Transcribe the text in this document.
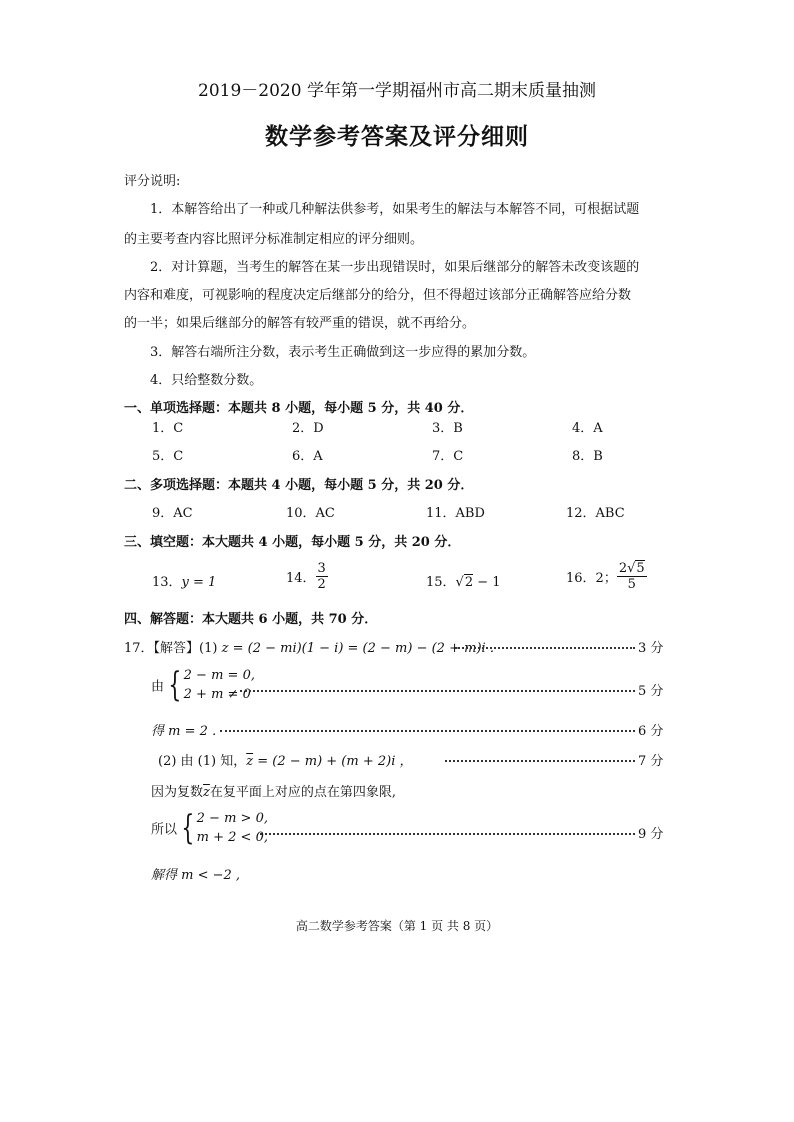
2019－2020 学年第一学期福州市高二期末质量抽测
数学参考答案及评分细则
评分说明:
1．本解答给出了一种或几种解法供参考，如果考生的解法与本解答不同，可根据试题
的主要考查内容比照评分标准制定相应的评分细则。
2．对计算题，当考生的解答在某一步出现错误时，如果后继部分的解答未改变该题的
内容和难度，可视影响的程度决定后继部分的给分，但不得超过该部分正确解答应给分数
的一半；如果后继部分的解答有较严重的错误，就不再给分。
3．解答右端所注分数，表示考生正确做到这一步应得的累加分数。
4．只给整数分数。
一、单项选择题：本题共 8 小题，每小题 5 分，共 40 分．
1．C	2．D	3．B	4．A
5．C	6．A	7．C	8．B
二、多项选择题：本题共 4 小题，每小题 5 分，共 20 分．
9．AC	10．AC	11．ABD	12．ABC
三、填空题：本大题共 4 小题，每小题 5 分，共 20 分．
13．y = 1	14． $\frac{3}{2}$	15．√2 − 1	16．2； $\frac{2√5}{5}$
四、解答题：本大题共 6 小题，共 70 分．
17．【解答】(1) z = (2 − mi)(1 − i) = (2 − m) − (2 + m)i ．	3 分
由 { 2 − m = 0,
2 + m ≠ 0	5 分
得 m = 2 ．	6 分
(2) 由 (1) 知，$\overline{z} = (2 - m) + (m + 2)i$ ，	7 分
因为复数$\overline{z}$在复平面上对应的点在第四象限,
所以 { 2 − m > 0,
m + 2 < 0,	9 分
解得 m < −2 ,
高二数学参考答案（第 1 页 共 8 页）
